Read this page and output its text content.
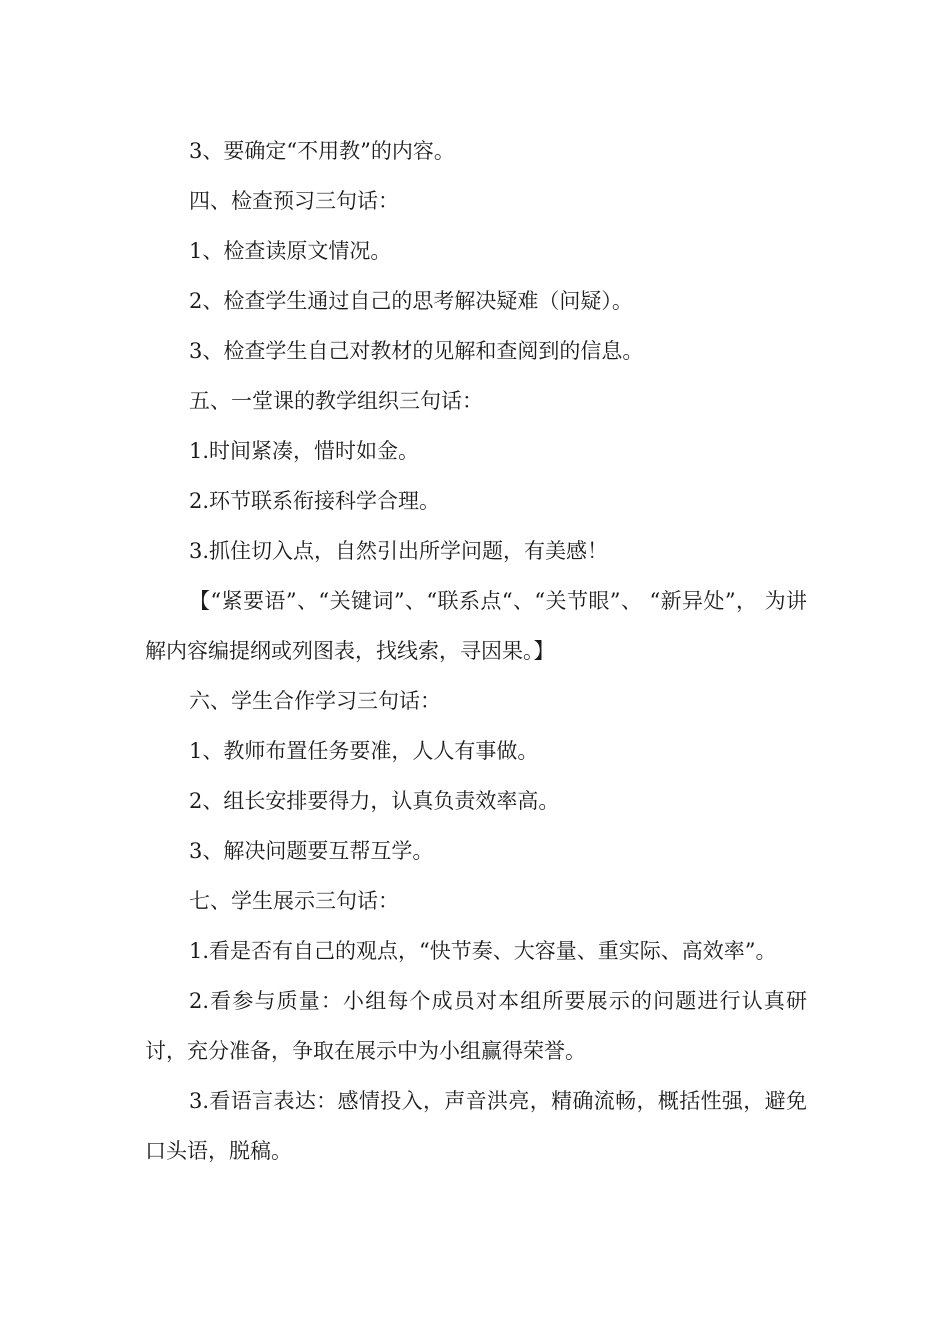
3、要确定“不用教”的内容。

四、检查预习三句话：

1、检查读原文情况。

2、检查学生通过自己的思考解决疑难（问疑）。

3、检查学生自己对教材的见解和查阅到的信息。

五、一堂课的教学组织三句话：

1.时间紧凑，惜时如金。

2.环节联系衔接科学合理。

3.抓住切入点，自然引出所学问题，有美感！

【“紧要语”、“关键词”、“联系点“、“关节眼”、 “新异处”， 为讲解内容编提纲或列图表，找线索，寻因果。】

六、学生合作学习三句话：

1、教师布置任务要准，人人有事做。

2、组长安排要得力，认真负责效率高。

3、解决问题要互帮互学。

七、学生展示三句话：

1.看是否有自己的观点，“快节奏、大容量、重实际、高效率”。

2.看参与质量：小组每个成员对本组所要展示的问题进行认真研讨，充分准备，争取在展示中为小组赢得荣誉。

3.看语言表达：感情投入，声音洪亮，精确流畅，概括性强，避免口头语，脱稿。
